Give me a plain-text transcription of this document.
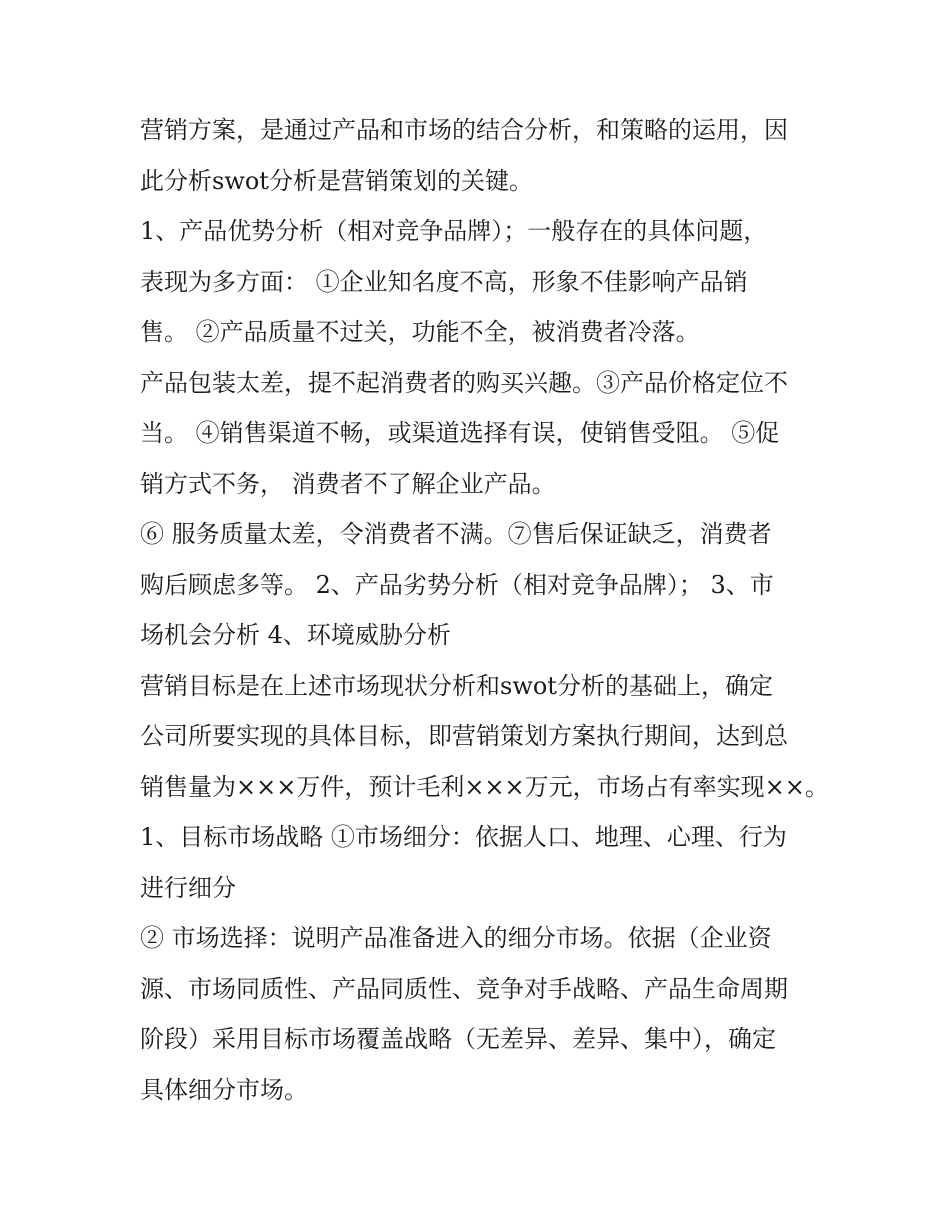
营销方案，是通过产品和市场的结合分析，和策略的运用，因
此分析swot分析是营销策划的关键。
1、产品优势分析（相对竞争品牌）；一般存在的具体问题，
表现为多方面： ①企业知名度不高，形象不佳影响产品销
售。 ②产品质量不过关，功能不全，被消费者冷落。
产品包装太差，提不起消费者的购买兴趣。③产品价格定位不
当。 ④销售渠道不畅，或渠道选择有误，使销售受阻。 ⑤促
销方式不务， 消费者不了解企业产品。
⑥ 服务质量太差，令消费者不满。⑦售后保证缺乏，消费者
购后顾虑多等。 2、产品劣势分析（相对竞争品牌）； 3、市
场机会分析 4、环境威胁分析
营销目标是在上述市场现状分析和swot分析的基础上，确定
公司所要实现的具体目标，即营销策划方案执行期间，达到总
销售量为×××万件，预计毛利×××万元，市场占有率实现××。
1、目标市场战略 ①市场细分：依据人口、地理、心理、行为
进行细分
② 市场选择：说明产品准备进入的细分市场。依据（企业资
源、市场同质性、产品同质性、竞争对手战略、产品生命周期
阶段）采用目标市场覆盖战略（无差异、差异、集中），确定
具体细分市场。
